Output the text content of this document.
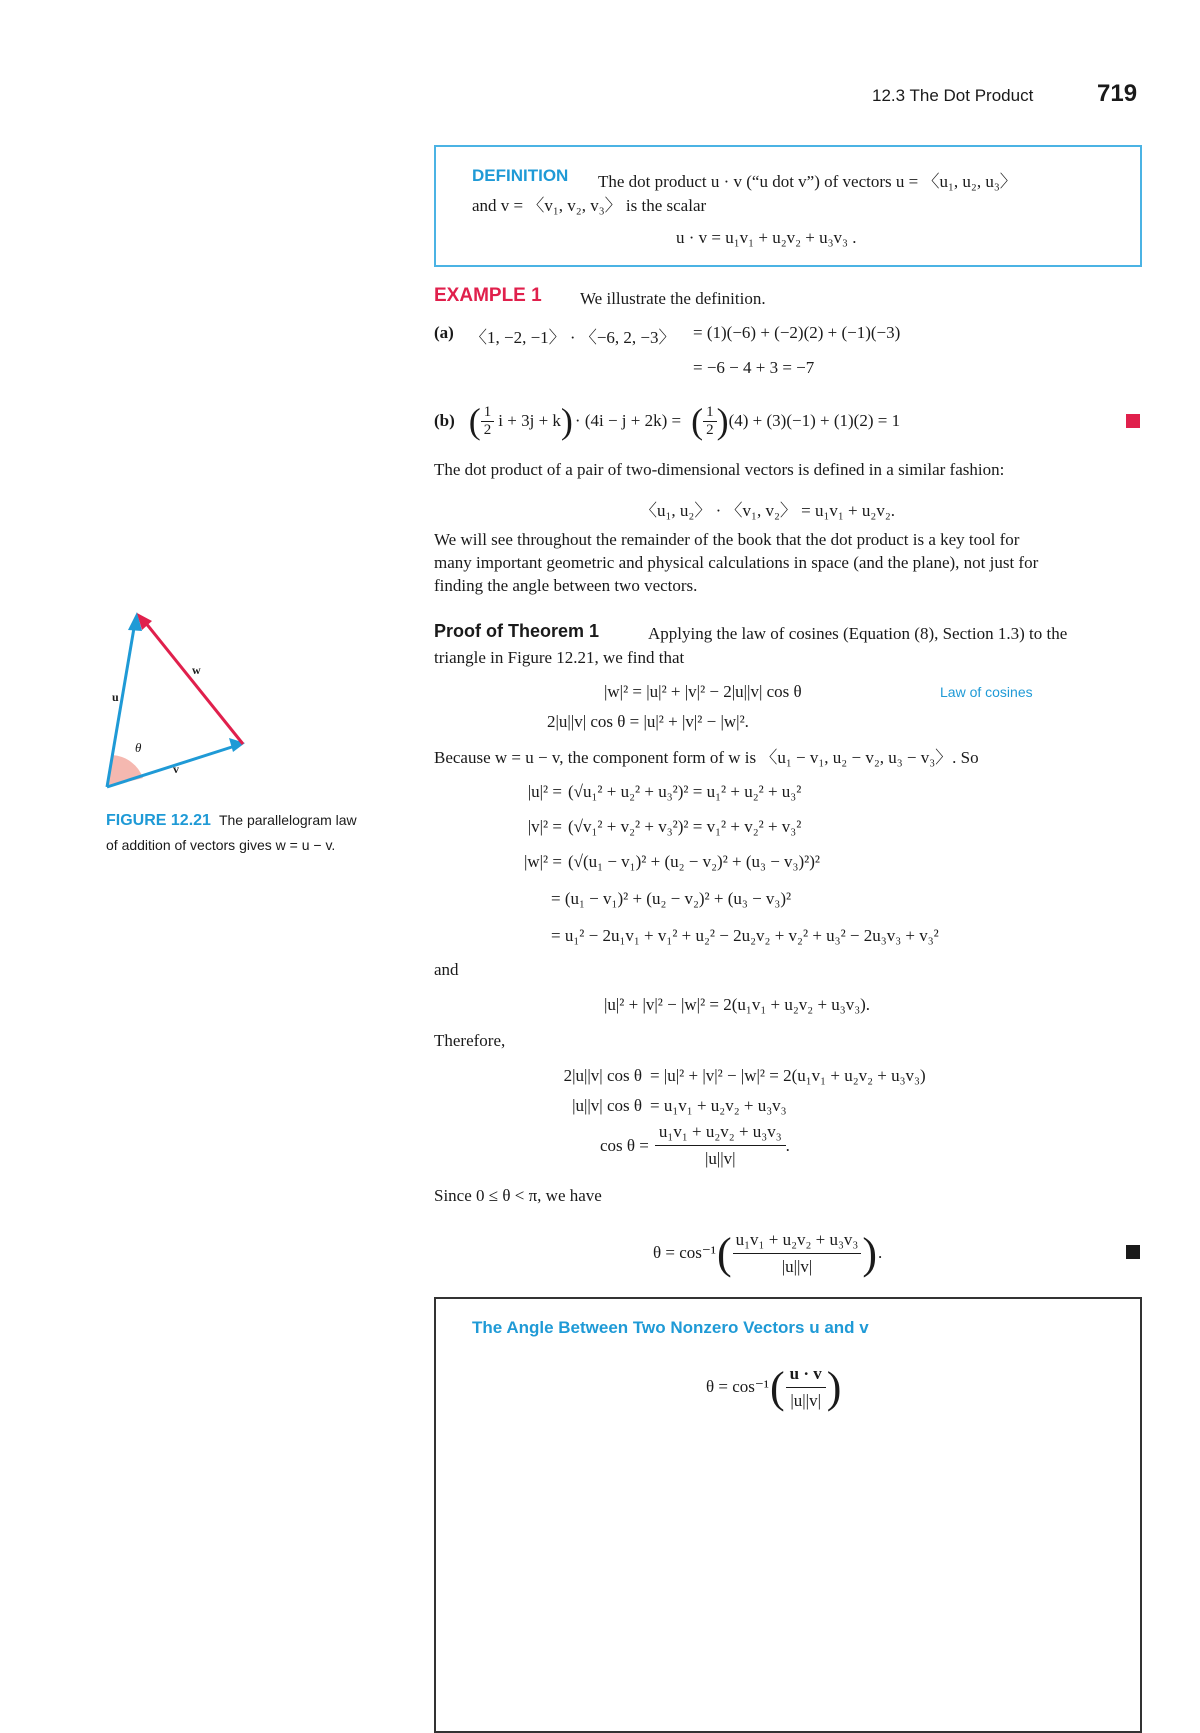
12.3 The Dot Product	719
DEFINITION The dot product u · v (“u dot v”) of vectors u = 〈u₁, u₂, u₃〉
and v = 〈v₁, v₂, v₃〉 is the scalar
u · v = u₁v₁ + u₂v₂ + u₃v₃ .
EXAMPLE 1 We illustrate the definition.
(a) 〈1, −2, −1〉 · 〈−6, 2, −3〉 = (1)(−6) + (−2)(2) + (−1)(−3)
= −6 − 4 + 3 = −7
(b) ( $\frac{1}{2}$ i + 3j + k ) · (4i − j + 2k) = ( $\frac{1}{2}$ ) (4) + (3)(−1) + (1)(2) = 1
The dot product of a pair of two-dimensional vectors is defined in a similar fashion:
〈u₁, u₂〉 · 〈v₁, v₂〉 = u₁v₁ + u₂v₂.
We will see throughout the remainder of the book that the dot product is a key tool for
many important geometric and physical calculations in space (and the plane), not just for
finding the angle between two vectors.
Proof of Theorem 1	Applying the law of cosines (Equation (8), Section 1.3) to the
triangle in Figure 12.21, we find that
|w|² = |u|² + |v|² − 2|u||v| cos θ	Law of cosines
2|u||v| cos θ = |u|² + |v|² − |w|².
Because w = u − v, the component form of w is 〈u₁ − v₁, u₂ − v₂, u₃ − v₃〉. So
|u|² = (√u₁² + u₂² + u₃²)² = u₁² + u₂² + u₃²
|v|² = (√v₁² + v₂² + v₃²)² = v₁² + v₂² + v₃²
|w|² = (√(u₁ − v₁)² + (u₂ − v₂)² + (u₃ − v₃)²)²
= (u₁ − v₁)² + (u₂ − v₂)² + (u₃ − v₃)²
= u₁² − 2u₁v₁ + v₁² + u₂² − 2u₂v₂ + v₂² + u₃² − 2u₃v₃ + v₃²
and
|u|² + |v|² − |w|² = 2(u₁v₁ + u₂v₂ + u₃v₃).
Therefore,
2|u||v| cos θ = |u|² + |v|² − |w|² = 2(u₁v₁ + u₂v₂ + u₃v₃)
|u||v| cos θ = u₁v₁ + u₂v₂ + u₃v₃
$\cos \theta = \frac{\text{u₁v₁ + u₂v₂ + u₃v₃}}{|u||v|}$ .
Since 0 ≤ θ < π, we have
θ = cos⁻¹ ( $\frac{\text{u₁v₁ + u₂v₂ + u₃v₃}}{|u||v|}$ ) .
u
w
v
θ
FIGURE 12.21 The parallelogram law
of addition of vectors gives w = u − v.
The Angle Between Two Nonzero Vectors u and v
θ = cos⁻¹ ( $\frac{u \cdot v}{|u||v|}$ )
